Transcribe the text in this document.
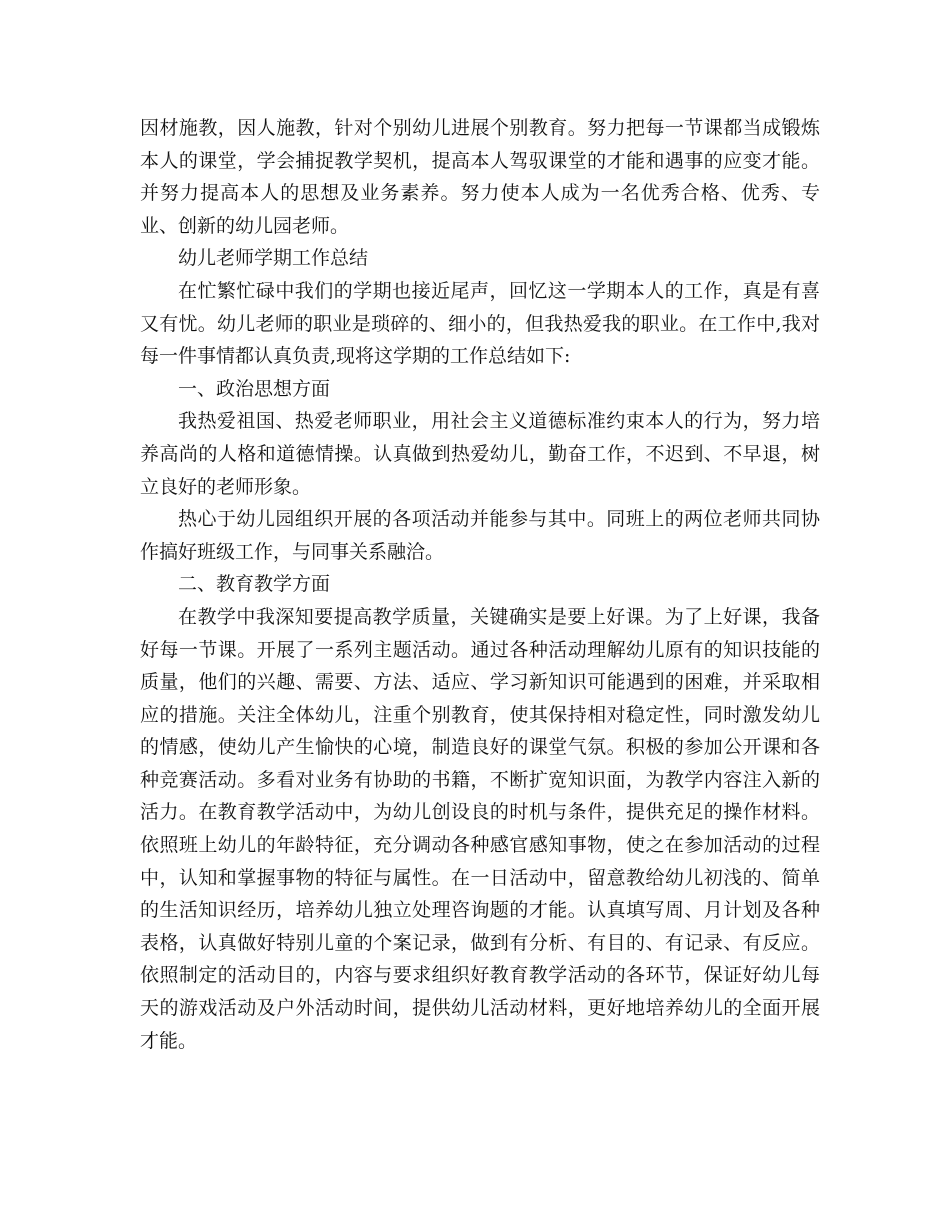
因材施教，因人施教，针对个别幼儿进展个别教育。努力把每一节课都当成锻炼本人的课堂，学会捕捉教学契机，提高本人驾驭课堂的才能和遇事的应变才能。并努力提高本人的思想及业务素养。努力使本人成为一名优秀合格、优秀、专业、创新的幼儿园老师。

幼儿老师学期工作总结

在忙繁忙碌中我们的学期也接近尾声，回忆这一学期本人的工作，真是有喜又有忧。幼儿老师的职业是琐碎的、细小的，但我热爱我的职业。在工作中,我对每一件事情都认真负责,现将这学期的工作总结如下:

一、政治思想方面

我热爱祖国、热爱老师职业，用社会主义道德标准约束本人的行为，努力培养高尚的人格和道德情操。认真做到热爱幼儿，勤奋工作，不迟到、不早退，树立良好的老师形象。

热心于幼儿园组织开展的各项活动并能参与其中。同班上的两位老师共同协作搞好班级工作，与同事关系融洽。

二、教育教学方面

在教学中我深知要提高教学质量，关键确实是要上好课。为了上好课，我备好每一节课。开展了一系列主题活动。通过各种活动理解幼儿原有的知识技能的质量，他们的兴趣、需要、方法、适应、学习新知识可能遇到的困难，并采取相应的措施。关注全体幼儿，注重个别教育，使其保持相对稳定性，同时激发幼儿的情感，使幼儿产生愉快的心境，制造良好的课堂气氛。积极的参加公开课和各种竞赛活动。多看对业务有协助的书籍，不断扩宽知识面，为教学内容注入新的活力。在教育教学活动中，为幼儿创设良的时机与条件，提供充足的操作材料。依照班上幼儿的年龄特征，充分调动各种感官感知事物，使之在参加活动的过程中，认知和掌握事物的特征与属性。在一日活动中，留意教给幼儿初浅的、简单的生活知识经历，培养幼儿独立处理咨询题的才能。认真填写周、月计划及各种表格，认真做好特别儿童的个案记录，做到有分析、有目的、有记录、有反应。依照制定的活动目的，内容与要求组织好教育教学活动的各环节，保证好幼儿每天的游戏活动及户外活动时间，提供幼儿活动材料，更好地培养幼儿的全面开展才能。
